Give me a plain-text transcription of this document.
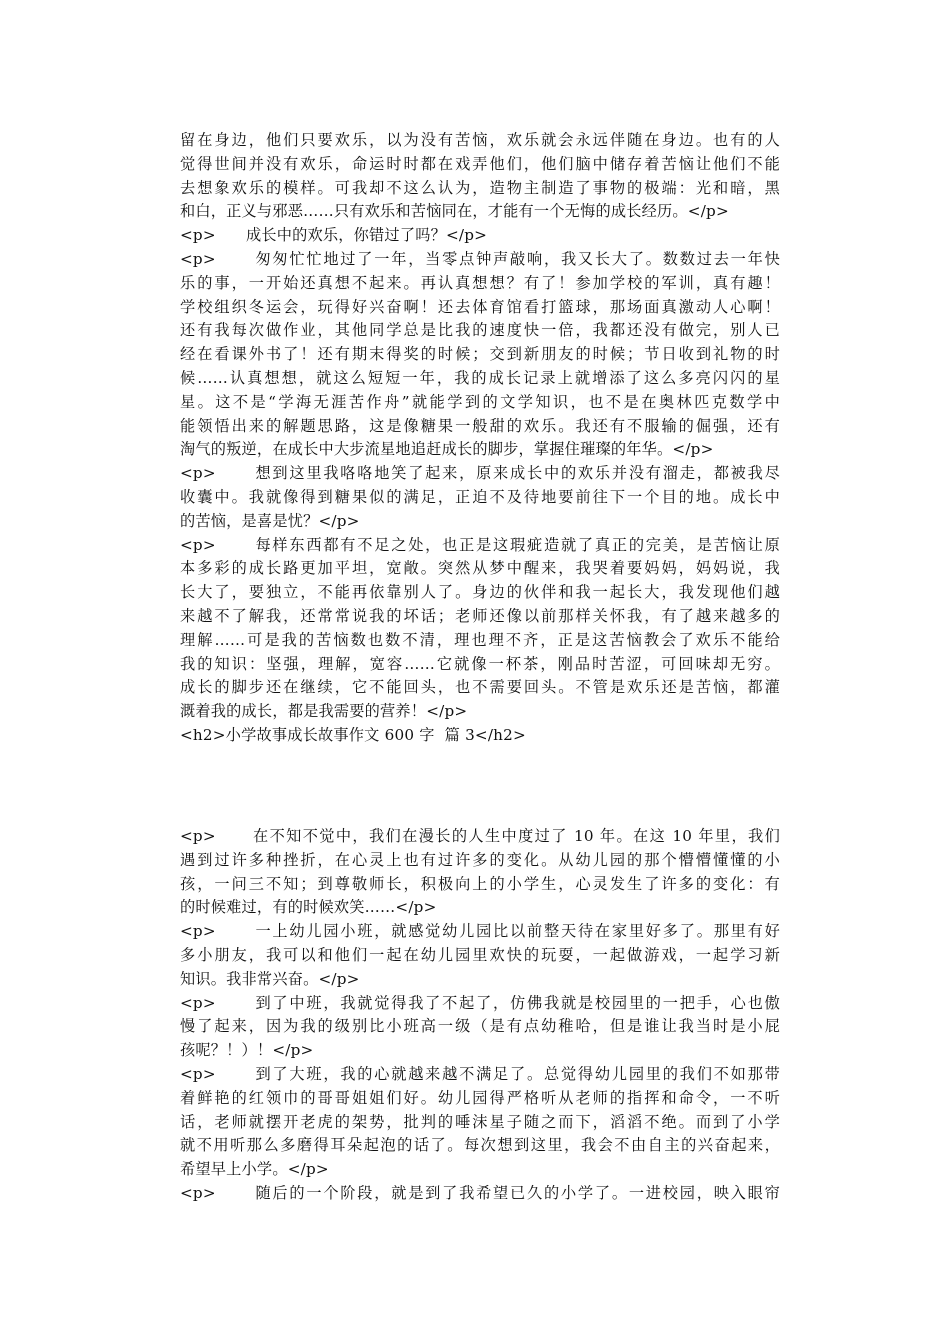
留在身边，他们只要欢乐，以为没有苦恼，欢乐就会永远伴随在身边。也有的人
觉得世间并没有欢乐，命运时时都在戏弄他们，他们脑中储存着苦恼让他们不能
去想象欢乐的模样。可我却不这么认为，造物主制造了事物的极端：光和暗，黑
和白，正义与邪恶……只有欢乐和苦恼同在，才能有一个无悔的成长经历。</p>
<p>      成长中的欢乐，你错过了吗？</p>
<p>      匆匆忙忙地过了一年，当零点钟声敲响，我又长大了。数数过去一年快
乐的事，一开始还真想不起来。再认真想想？有了！参加学校的军训，真有趣！
学校组织冬运会，玩得好兴奋啊！还去体育馆看打篮球，那场面真激动人心啊！
还有我每次做作业，其他同学总是比我的速度快一倍，我都还没有做完，别人已
经在看课外书了！还有期末得奖的时候；交到新朋友的时候；节日收到礼物的时
候……认真想想，就这么短短一年，我的成长记录上就增添了这么多亮闪闪的星
星。这不是“学海无涯苦作舟”就能学到的文学知识，也不是在奥林匹克数学中
能领悟出来的解题思路，这是像糖果一般甜的欢乐。我还有不服输的倔强，还有
淘气的叛逆，在成长中大步流星地追赶成长的脚步，掌握住璀璨的年华。</p>
<p>      想到这里我咯咯地笑了起来，原来成长中的欢乐并没有溜走，都被我尽
收囊中。我就像得到糖果似的满足，正迫不及待地要前往下一个目的地。成长中
的苦恼，是喜是忧？</p>
<p>      每样东西都有不足之处，也正是这瑕疵造就了真正的完美，是苦恼让原
本多彩的成长路更加平坦，宽敞。突然从梦中醒来，我哭着要妈妈，妈妈说，我
长大了，要独立，不能再依靠别人了。身边的伙伴和我一起长大，我发现他们越
来越不了解我，还常常说我的坏话；老师还像以前那样关怀我，有了越来越多的
理解……可是我的苦恼数也数不清，理也理不齐，正是这苦恼教会了欢乐不能给
我的知识：坚强，理解，宽容……它就像一杯茶，刚品时苦涩，可回味却无穷。
成长的脚步还在继续，它不能回头，也不需要回头。不管是欢乐还是苦恼，都灌
溉着我的成长，都是我需要的营养！</p>
<h2>小学故事成长故事作文 600 字  篇 3</h2>
<p>      在不知不觉中，我们在漫长的人生中度过了 10 年。在这 10 年里，我们
遇到过许多种挫折，在心灵上也有过许多的变化。从幼儿园的那个懵懵懂懂的小
孩，一问三不知；到尊敬师长，积极向上的小学生，心灵发生了许多的变化：有
的时候难过，有的时候欢笑……</p>
<p>      一上幼儿园小班，就感觉幼儿园比以前整天待在家里好多了。那里有好
多小朋友，我可以和他们一起在幼儿园里欢快的玩耍，一起做游戏，一起学习新
知识。我非常兴奋。</p>
<p>      到了中班，我就觉得我了不起了，仿佛我就是校园里的一把手，心也傲
慢了起来，因为我的级别比小班高一级（是有点幼稚哈，但是谁让我当时是小屁
孩呢？！）！</p>
<p>      到了大班，我的心就越来越不满足了。总觉得幼儿园里的我们不如那带
着鲜艳的红领巾的哥哥姐姐们好。幼儿园得严格听从老师的指挥和命令，一不听
话，老师就摆开老虎的架势，批判的唾沫星子随之而下，滔滔不绝。而到了小学
就不用听那么多磨得耳朵起泡的话了。每次想到这里，我会不由自主的兴奋起来，
希望早上小学。</p>
<p>      随后的一个阶段，就是到了我希望已久的小学了。一进校园，映入眼帘
